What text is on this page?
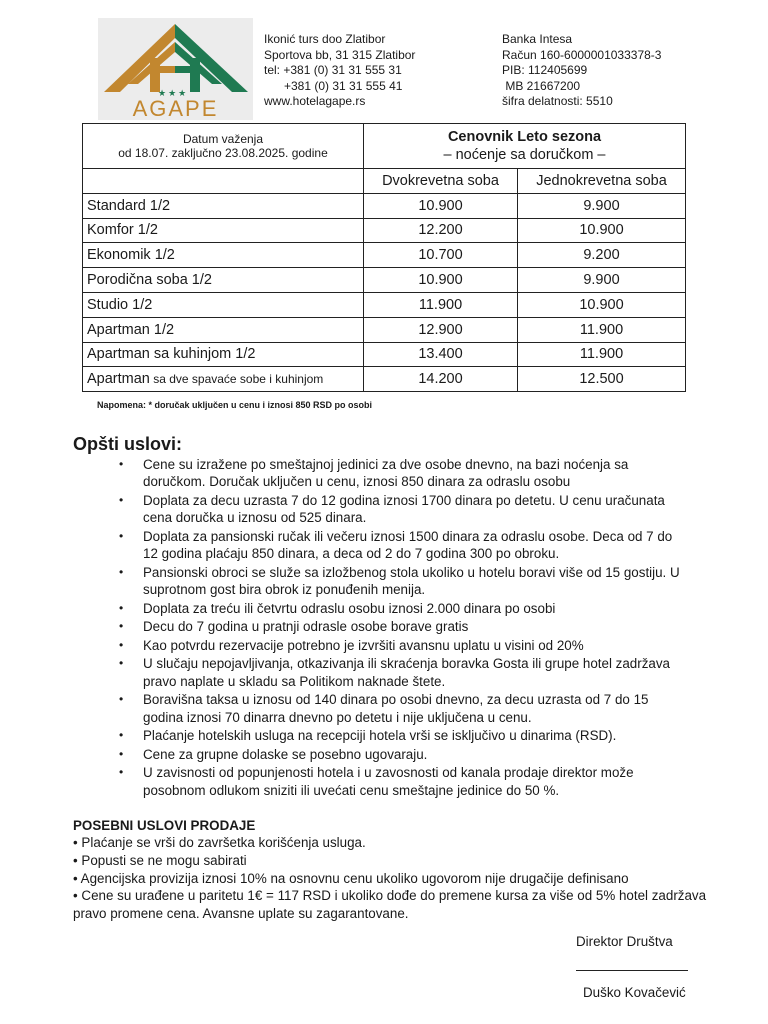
★★★
AGAPE
Ikonić turs doo Zlatibor
Sportova bb, 31 315 Zlatibor
tel: +381 (0) 31 31 555 31
+381 (0) 31 31 555 41
www.hotelagape.rs
Banka Intesa
Račun 160-6000001033378-3
PIB: 112405699
MB 21667200
šifra delatnosti: 5510
Datum važenja
od 18.07. zaključno 23.08.2025. godine

Cenovnik Leto sezona
– noćenje sa doručkom –

	Dvokrevetna soba	Jednokrevetna soba
Standard 1/2	10.900	9.900
Komfor 1/2	12.200	10.900
Ekonomik 1/2	10.700	9.200
Porodična soba 1/2	10.900	9.900
Studio 1/2	11.900	10.900
Apartman 1/2	12.900	11.900
Apartman sa kuhinjom 1/2	13.400	11.900
Apartman sa dve spavaće sobe i kuhinjom	14.200	12.500
Napomena: * doručak uključen u cenu i iznosi 850 RSD po osobi
Opšti uslovi:
• Cene su izražene po smeštajnoj jedinici za dve osobe dnevno, na bazi noćenja sa doručkom. Doručak uključen u cenu, iznosi 850 dinara za odraslu osobu
• Doplata za decu uzrasta 7 do 12 godina iznosi 1700 dinara po detetu. U cenu uračunata cena doručka u iznosu od 525 dinara.
• Doplata za pansionski ručak ili večeru iznosi 1500 dinara za odraslu osobe. Deca od 7 do 12 godina plaćaju 850 dinara, a deca od 2 do 7 godina 300 po obroku.
• Pansionski obroci se služe sa izložbenog stola ukoliko u hotelu boravi više od 15 gostiju. U suprotnom gost bira obrok iz ponuđenih menija.
• Doplata za treću ili četvrtu odraslu osobu iznosi 2.000 dinara po osobi
• Decu do 7 godina u pratnji odrasle osobe borave gratis
• Kao potvrdu rezervacije potrebno je izvršiti avansnu uplatu u visini od 20%
• U slučaju nepojavljivanja, otkazivanja ili skraćenja boravka Gosta ili grupe hotel zadržava pravo naplate u skladu sa Politikom naknade štete.
• Boravišna taksa u iznosu od 140 dinara po osobi dnevno, za decu uzrasta od 7 do 15 godina iznosi 70 dinarra dnevno po detetu i nije uključena u cenu.
• Plaćanje hotelskih usluga na recepciji hotela vrši se isključivo u dinarima (RSD).
• Cene za grupne dolaske se posebno ugovaraju.
• U zavisnosti od popunjenosti hotela i u zavosnosti od kanala prodaje direktor može posobnom odlukom sniziti ili uvećati cenu smeštajne jedinice do 50 %.
POSEBNI USLOVI PRODAJE
• Plaćanje se vrši do završetka korišćenja usluga.
• Popusti se ne mogu sabirati
• Agencijska provizija iznosi 10% na osnovnu cenu ukoliko ugovorom nije drugačije definisano
• Cene su urađene u paritetu 1€ = 117 RSD i ukoliko dođe do premene kursa za više od 5% hotel zadržava pravo promene cena. Avansne uplate su zagarantovane.
Direktor Društva
Duško Kovačević
